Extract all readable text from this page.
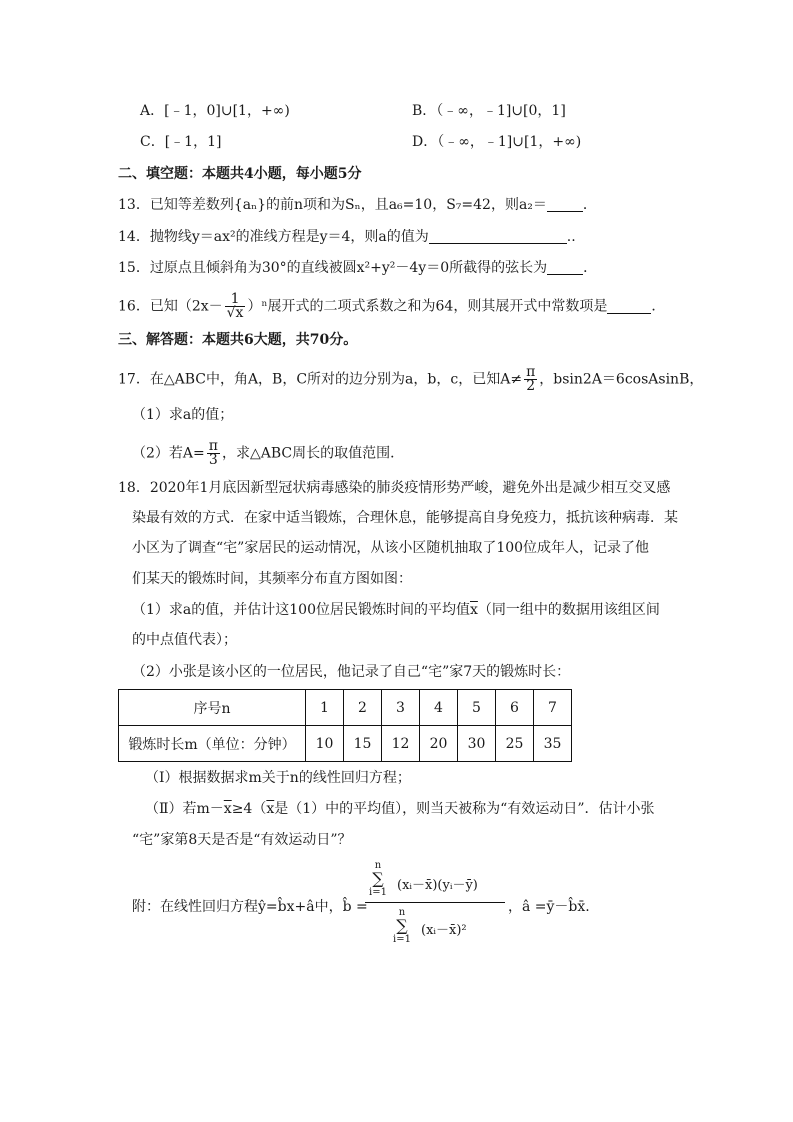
A．[﹣1，0]∪[1，+∞)	B．（﹣∞，﹣1]∪[0，1]
C．[﹣1，1]	D．（﹣∞，﹣1]∪[1，+∞)
二、填空题：本题共4小题，每小题5分
13．已知等差数列{aₙ}的前n项和为Sₙ，且a₆=10，S₇=42，则a₂＝	．
14．抛物线y＝ax²的准线方程是y＝4，则a的值为	..
15．过原点且倾斜角为30°的直线被圆x²+y²－4y＝0所截得的弦长为	．
16．已知$(2x- \frac{1}{√x} )^n$展开式的二项式系数之和为64，则其展开式中常数项是	．
三、解答题：本题共6大题，共70分。
17．在△ABC中，角A，B，C所对的边分别为a，b，c，已知$A\ne \frac{\pi}{2}$ ，bsin2A＝6cosAsinB，
（1）求a的值；
（2）若$A= \frac{\pi}{3}$ ，求△ABC周长的取值范围．
18．2020年1月底因新型冠状病毒感染的肺炎疫情形势严峻，避免外出是减少相互交叉感
染最有效的方式．在家中适当锻炼，合理休息，能够提高自身免疫力，抵抗该种病毒．某
小区为了调查“宅”家居民的运动情况，从该小区随机抽取了100位成年人，记录了他
们某天的锻炼时间，其频率分布直方图如图：
（1）求a的值，并估计这100位居民锻炼时间的平均值$\overline{x}$（同一组中的数据用该组区间
的中点值代表）；
（2）小张是该小区的一位居民，他记录了自己“宅”家7天的锻炼时长：
序号n	1	2	3	4	5	6	7
锻炼时长m（单位：分钟）	10	15	12	20	30	25	35
（Ⅰ）根据数据求m关于n的线性回归方程；
（Ⅱ）若$m-\overline{x}\ge 4(\overline{x}$是（1）中的平均值），则当天被称为“有效运动日”．估计小张
“宅”家第8天是否是“有效运动日”？
附：在线性回归方程ŷ=b̂x+â中，b̂ =
n
∑
i=1 (xᵢ－x̄)(yᵢ－ȳ)
n
∑
i=1
(xᵢ－x̄)²
，â =ȳ－b̂x̄.
